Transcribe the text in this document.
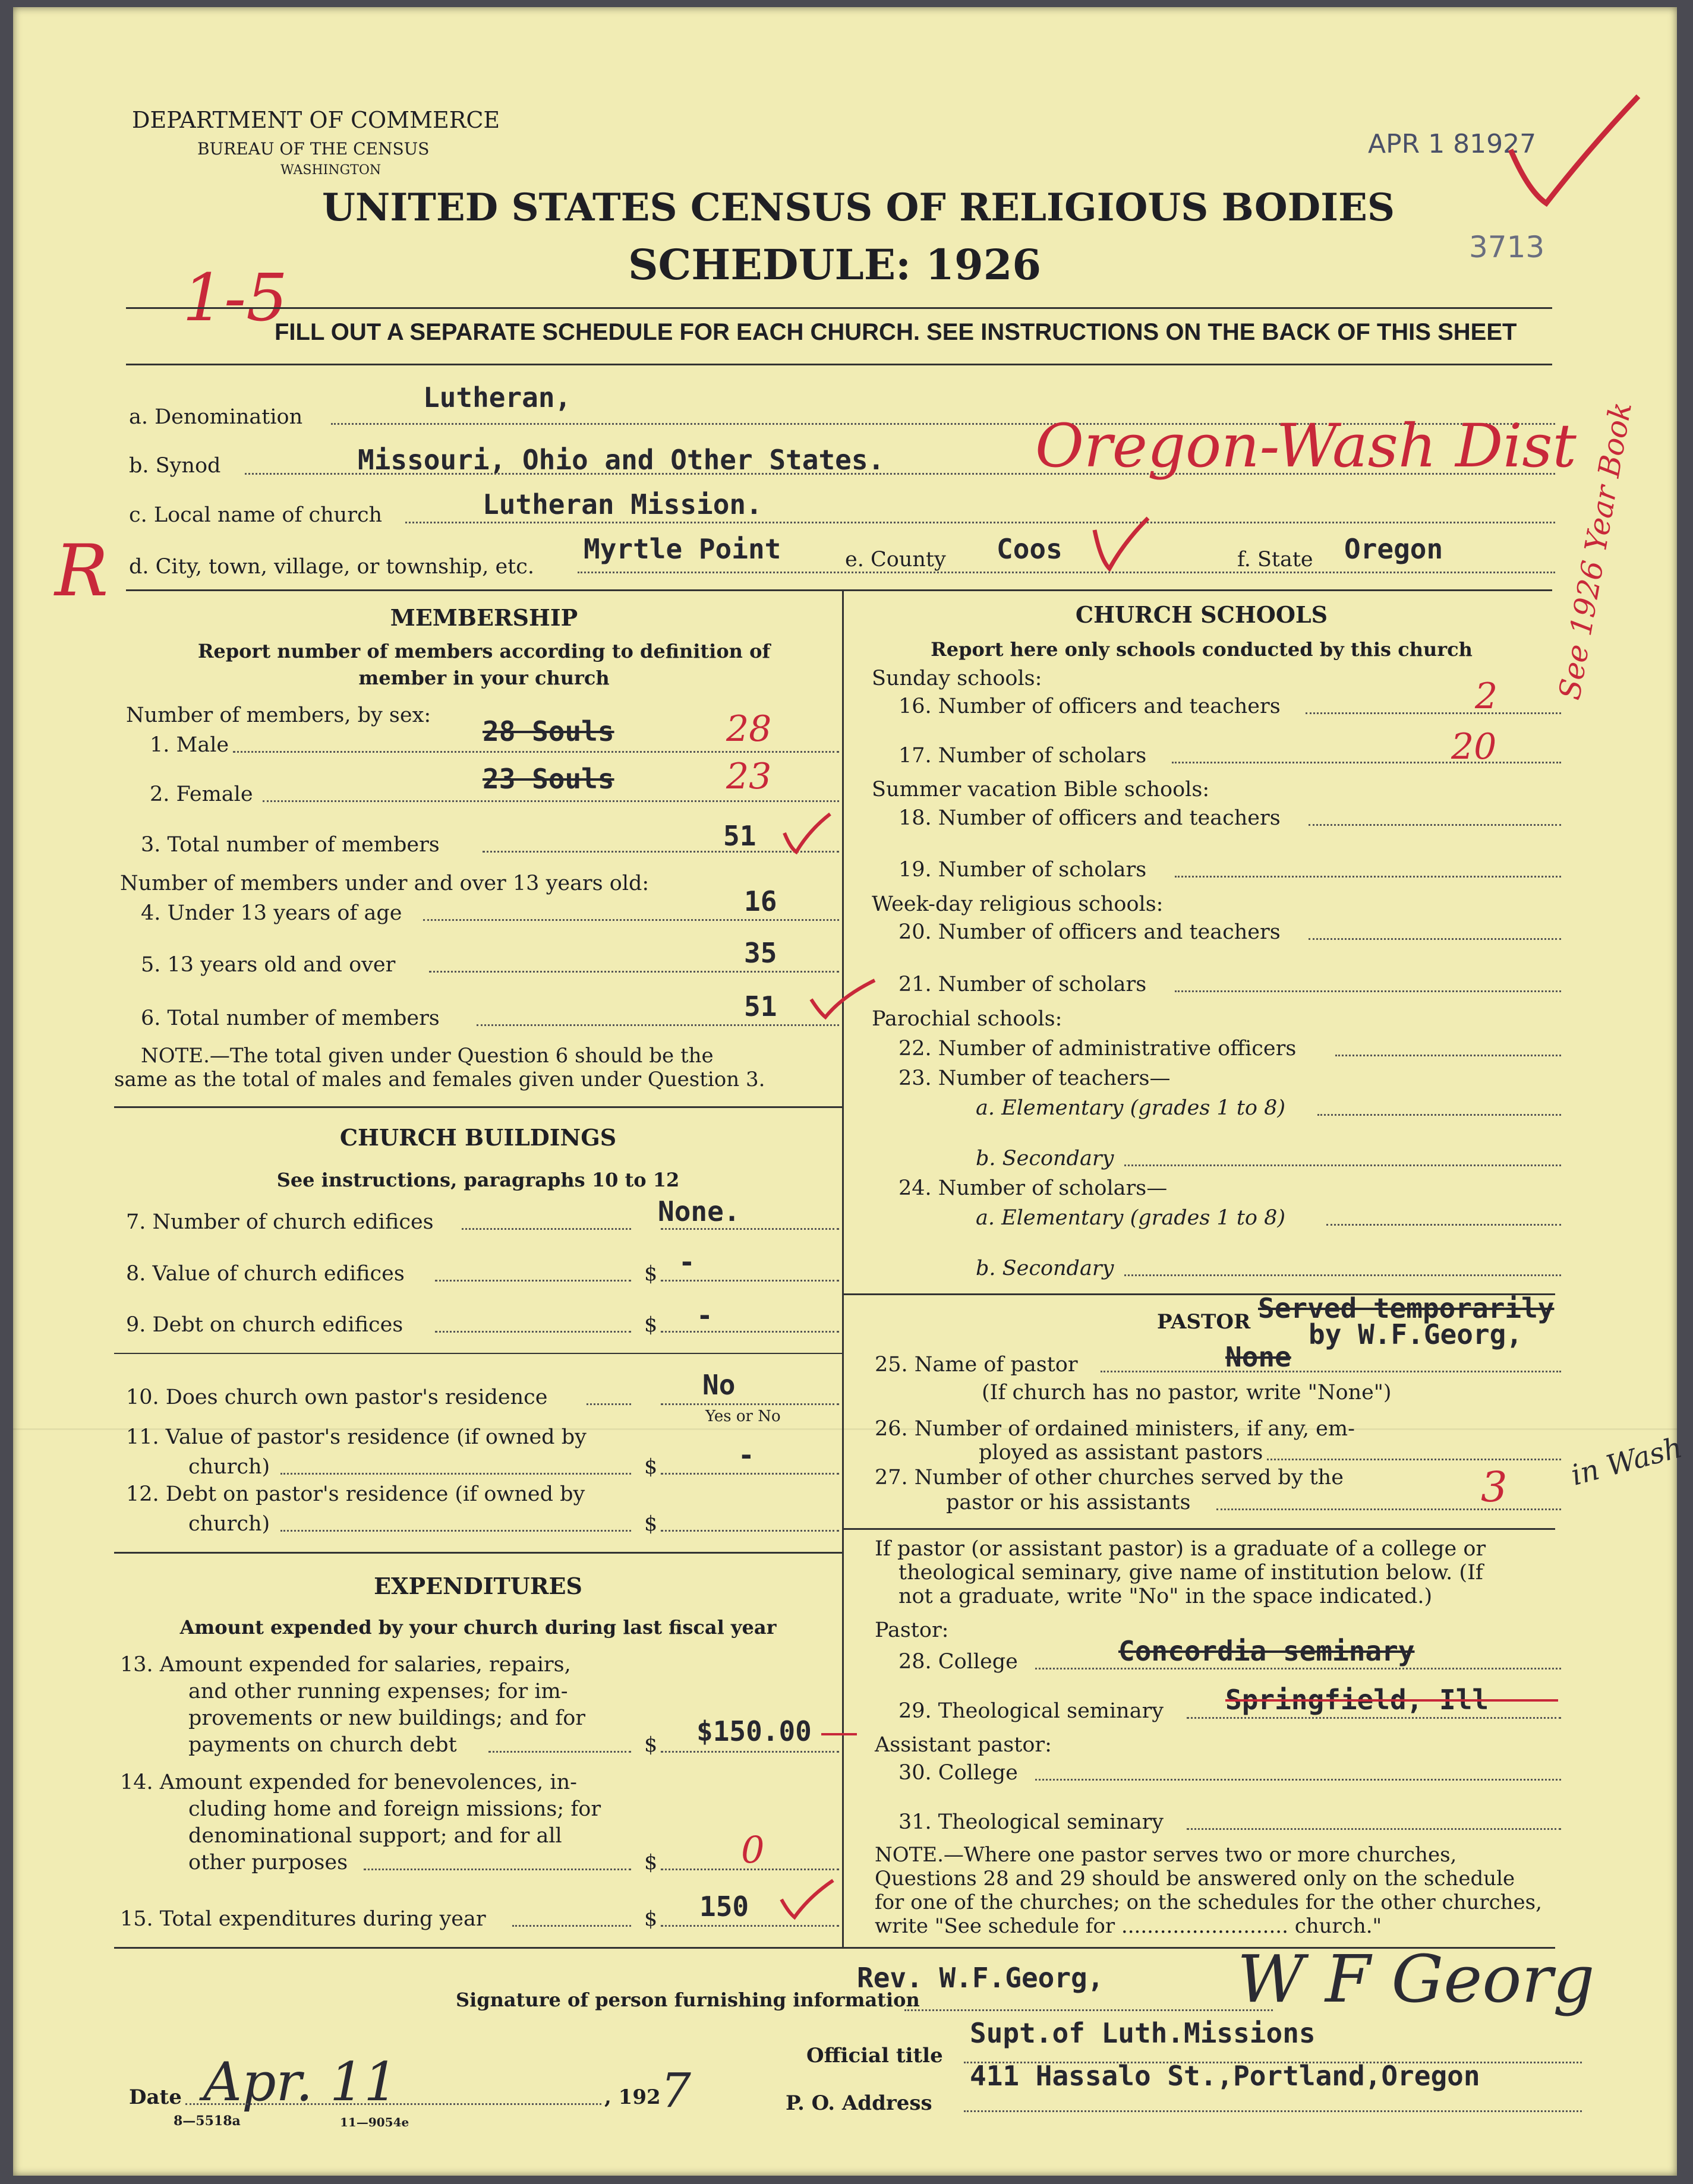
DEPARTMENT OF COMMERCE
BUREAU OF THE CENSUS
WASHINGTON
UNITED STATES CENSUS OF RELIGIOUS BODIES
SCHEDULE: 1926
APR 1 81927
3713
1-5
R
FILL OUT A SEPARATE SCHEDULE FOR EACH CHURCH. SEE INSTRUCTIONS ON THE BACK OF THIS SHEET
a. Denomination
Lutheran,
b. Synod	Missouri, Ohio and Other States.	Oregon-Wash Dist
c. Local name of church	Lutheran Mission.
d. City, town, village, or township, etc.
Myrtle Point	e. County Coos	f. State Oregon	See 1926 Year Book
MEMBERSHIP
Report number of members according to definition of
member in your church
Number of members, by sex:
1. Male	28 Souls	28
2. Female	23 Souls	23
3. Total number of members	51
Number of members under and over 13 years old:
4. Under 13 years of age	16
5. 13 years old and over	35
6. Total number of members	51
NOTE.—The total given under Question 6 should be the
same as the total of males and females given under Question 3.
CHURCH BUILDINGS
See instructions, paragraphs 10 to 12
7. Number of church edifices	None.
8. Value of church edifices	$ -
9. Debt on church edifices	$ -
10. Does church own pastor's residence	No
Yes or No
11. Value of pastor's residence (if owned by
church)	$	-
12. Debt on pastor's residence (if owned by
church)	$
EXPENDITURES
Amount expended by your church during last fiscal year
13. Amount expended for salaries, repairs,
and other running expenses; for im-
provements or new buildings; and for
payments on church debt	$ $150.00
14. Amount expended for benevolences, in-
cluding home and foreign missions; for
denominational support; and for all
other purposes	$ 0
15. Total expenditures during year	$ 150
CHURCH SCHOOLS
Report here only schools conducted by this church
Sunday schools:
16. Number of officers and teachers	2
17. Number of scholars	20
Summer vacation Bible schools:
18. Number of officers and teachers
19. Number of scholars
Week-day religious schools:
20. Number of officers and teachers
21. Number of scholars
Parochial schools:
22. Number of administrative officers
23. Number of teachers—
a. Elementary (grades 1 to 8)
b. Secondary
24. Number of scholars—
a. Elementary (grades 1 to 8)
b. Secondary
PASTOR Served temporarily
by W.F.Georg,
25. Name of pastor	None
(If church has no pastor, write "None")
26. Number of ordained ministers, if any, em-
ployed as assistant pastors
27. Number of other churches served by the
pastor or his assistants	3 in Wash
If pastor (or assistant pastor) is a graduate of a college or
theological seminary, give name of institution below. (If
not a graduate, write "No" in the space indicated.)
Pastor:
28. College	Concordia seminary
29. Theological seminary Springfield, Ill
Assistant pastor:
30. College
31. Theological seminary
NOTE.—Where one pastor serves two or more churches,
Questions 28 and 29 should be answered only on the schedule
for one of the churches; on the schedules for the other churches,
write "See schedule for .......................... church."
Signature of person furnishing information
Rev. W.F.Georg, W F Georg
Official title
Supt.of Luth.Missions
Date Apr. 11	, 192 7	P. O. Address
411 Hassalo St.,Portland,Oregon
8—5518a	11—9054e
